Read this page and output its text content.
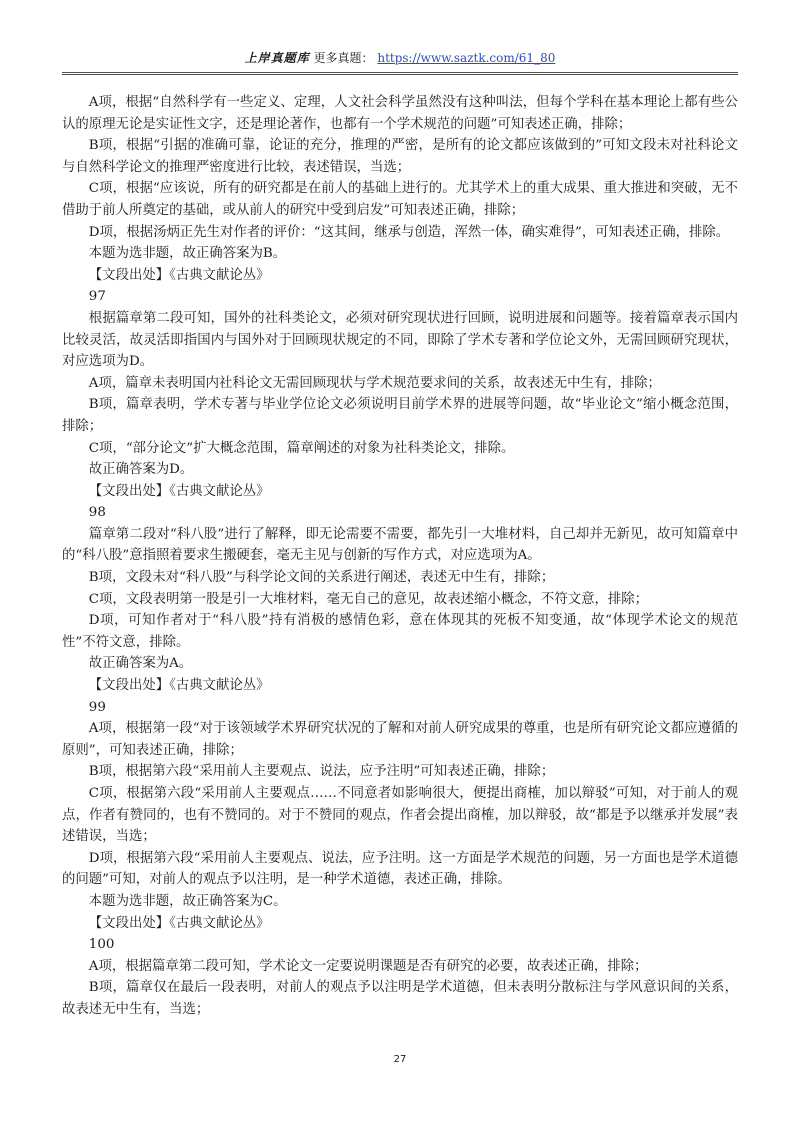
上岸真题库 更多真题： https://www.saztk.com/61_80

A项，根据“自然科学有一些定义、定理，人文社会科学虽然没有这种叫法，但每个学科在基本理论上都有些公认的原理无论是实证性文字，还是理论著作，也都有一个学术规范的问题”可知表述正确，排除；

B项，根据“引据的准确可靠，论证的充分，推理的严密，是所有的论文都应该做到的”可知文段未对社科论文与自然科学论文的推理严密度进行比较，表述错误，当选；

C项，根据“应该说，所有的研究都是在前人的基础上进行的。尤其学术上的重大成果、重大推进和突破，无不借助于前人所奠定的基础，或从前人的研究中受到启发”可知表述正确，排除；

D项，根据汤炳正先生对作者的评价：“这其间，继承与创造，浑然一体，确实难得”，可知表述正确，排除。

本题为选非题，故正确答案为B。

【文段出处】《古典文献论丛》

97

根据篇章第二段可知，国外的社科类论文，必须对研究现状进行回顾，说明进展和问题等。接着篇章表示国内比较灵活，故灵活即指国内与国外对于回顾现状规定的不同，即除了学术专著和学位论文外，无需回顾研究现状，对应选项为D。

A项，篇章未表明国内社科论文无需回顾现状与学术规范要求间的关系，故表述无中生有，排除；

B项，篇章表明，学术专著与毕业学位论文必须说明目前学术界的进展等问题，故“毕业论文”缩小概念范围，排除；

C项，“部分论文”扩大概念范围，篇章阐述的对象为社科类论文，排除。

故正确答案为D。

【文段出处】《古典文献论丛》

98

篇章第二段对“科八股”进行了解释，即无论需要不需要，都先引一大堆材料，自己却并无新见，故可知篇章中的“科八股”意指照着要求生搬硬套，毫无主见与创新的写作方式，对应选项为A。

B项，文段未对“科八股”与科学论文间的关系进行阐述，表述无中生有，排除；

C项，文段表明第一股是引一大堆材料，毫无自己的意见，故表述缩小概念，不符文意，排除；

D项，可知作者对于“科八股”持有消极的感情色彩，意在体现其的死板不知变通，故“体现学术论文的规范性”不符文意，排除。

故正确答案为A。

【文段出处】《古典文献论丛》

99

A项，根据第一段“对于该领域学术界研究状况的了解和对前人研究成果的尊重，也是所有研究论文都应遵循的原则”，可知表述正确，排除；

B项，根据第六段“采用前人主要观点、说法，应予注明”可知表述正确，排除；

C项，根据第六段“采用前人主要观点……不同意者如影响很大，便提出商榷，加以辩驳”可知，对于前人的观点，作者有赞同的，也有不赞同的。对于不赞同的观点，作者会提出商榷，加以辩驳，故“都是予以继承并发展”表述错误，当选；

D项，根据第六段“采用前人主要观点、说法，应予注明。这一方面是学术规范的问题，另一方面也是学术道德的问题”可知，对前人的观点予以注明，是一种学术道德，表述正确，排除。

本题为选非题，故正确答案为C。

【文段出处】《古典文献论丛》

100

A项，根据篇章第二段可知，学术论文一定要说明课题是否有研究的必要，故表述正确，排除；

B项，篇章仅在最后一段表明，对前人的观点予以注明是学术道德，但未表明分散标注与学风意识间的关系，故表述无中生有，当选；

27
